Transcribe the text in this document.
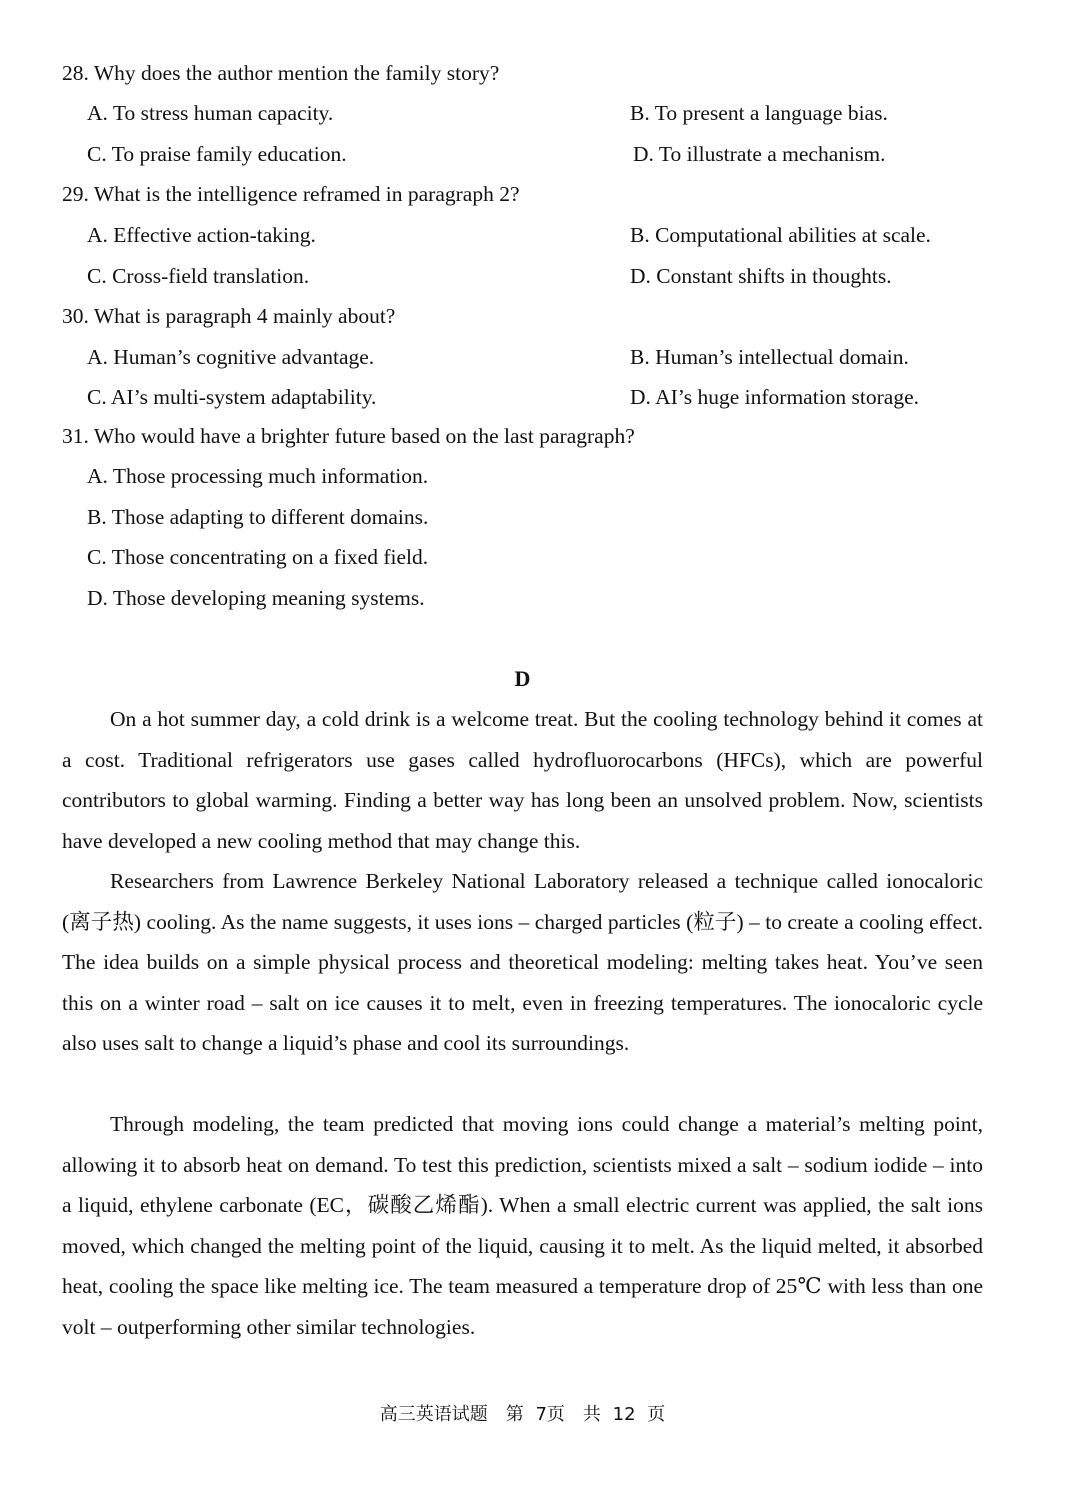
28. Why does the author mention the family story?
A. To stress human capacity.	B. To present a language bias.
C. To praise family education.	D. To illustrate a mechanism.
29. What is the intelligence reframed in paragraph 2?
A. Effective action-taking.	B. Computational abilities at scale.
C. Cross-field translation.	D. Constant shifts in thoughts.
30. What is paragraph 4 mainly about?
A. Human’s cognitive advantage.	B. Human’s intellectual domain.
C. AI’s multi-system adaptability.	D. AI’s huge information storage.
31. Who would have a brighter future based on the last paragraph?
A. Those processing much information.
B. Those adapting to different domains.
C. Those concentrating on a fixed field.
D. Those developing meaning systems.
D
On a hot summer day, a cold drink is a welcome treat. But the cooling technology behind it comes at a cost. Traditional refrigerators use gases called hydrofluorocarbons (HFCs), which are powerful contributors to global warming. Finding a better way has long been an unsolved problem. Now, scientists have developed a new cooling method that may change this.
Researchers from Lawrence Berkeley National Laboratory released a technique called ionocaloric (离子热) cooling. As the name suggests, it uses ions – charged particles (粒子) – to create a cooling effect. The idea builds on a simple physical process and theoretical modeling: melting takes heat. You’ve seen this on a winter road – salt on ice causes it to melt, even in freezing temperatures. The ionocaloric cycle also uses salt to change a liquid’s phase and cool its surroundings.
Through modeling, the team predicted that moving ions could change a material’s melting point, allowing it to absorb heat on demand. To test this prediction, scientists mixed a salt – sodium iodide – into a liquid, ethylene carbonate (EC，碳酸乙烯酯). When a small electric current was applied, the salt ions moved, which changed the melting point of the liquid, causing it to melt. As the liquid melted, it absorbed heat, cooling the space like melting ice. The team measured a temperature drop of 25℃ with less than one volt – outperforming other similar technologies.
高三英语试题　第 7页　共 12 页
